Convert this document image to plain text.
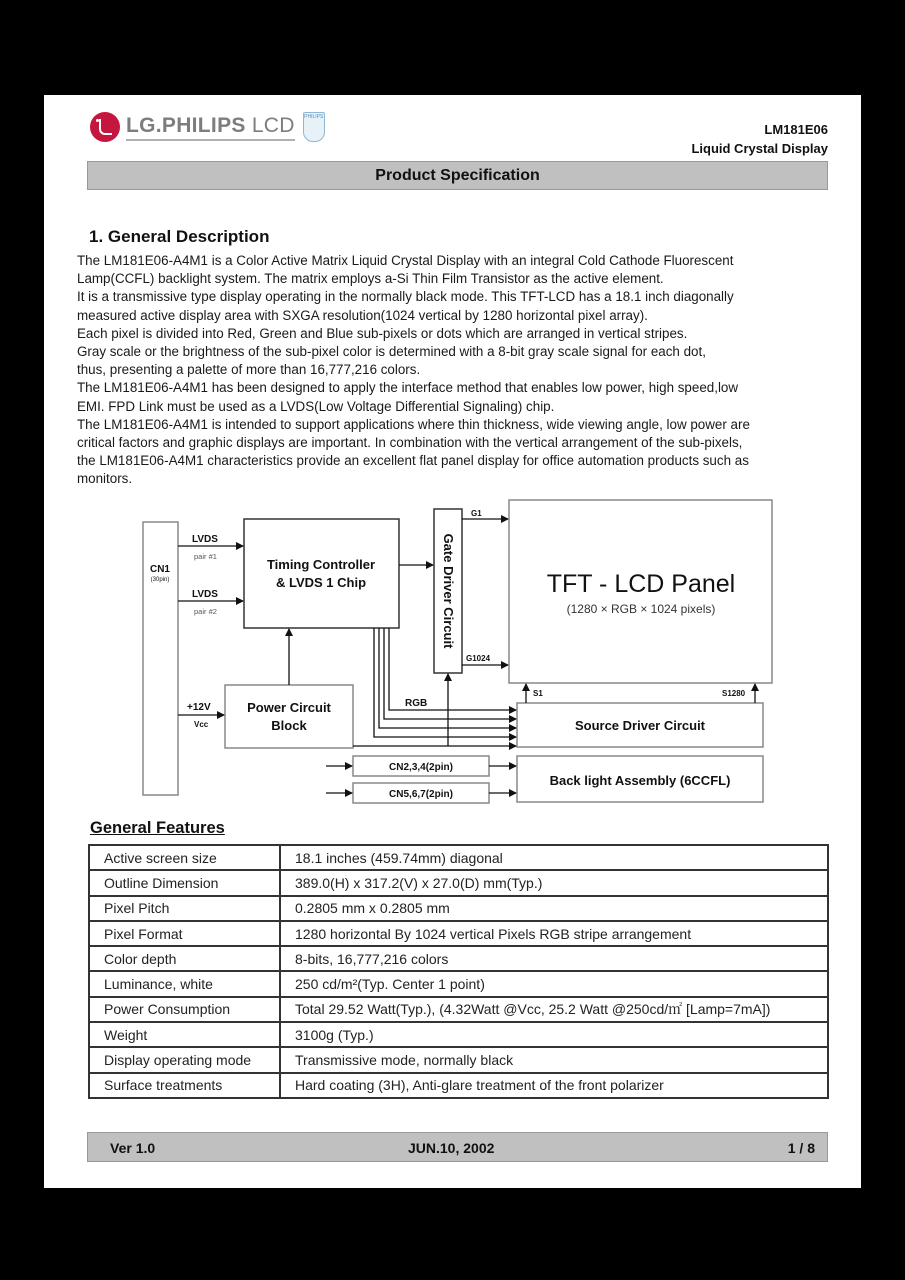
LG.PHILIPS LCD PHILIPS
LM181E06
Liquid Crystal Display
Product Specification
1. General Description

The LM181E06-A4M1 is a Color Active Matrix Liquid Crystal Display with an integral Cold Cathode Fluorescent

Lamp(CCFL) backlight system. The matrix employs a-Si Thin Film Transistor as the active element.

It is a transmissive type display operating in the normally black mode. This TFT-LCD has a 18.1 inch diagonally

measured active display area with SXGA resolution(1024 vertical by 1280 horizontal pixel array).

Each pixel is divided into Red, Green and Blue sub-pixels or dots which are arranged in vertical stripes.

Gray scale or the brightness of the sub-pixel color is determined with a 8-bit gray scale signal for each dot,

thus, presenting a palette of more than 16,777,216 colors.

The LM181E06-A4M1 has been designed to apply the interface method that enables low power, high speed,low

EMI. FPD Link must be used as a LVDS(Low Voltage Differential Signaling) chip.

The LM181E06-A4M1 is intended to support applications where thin thickness, wide viewing angle, low power are

critical factors and graphic displays are important. In combination with the vertical arrangement of the sub-pixels,

the LM181E06-A4M1 characteristics provide an excellent flat panel display for office automation products such as

monitors.

CN1
(30pin)
LVDS
pair #1
LVDS
pair #2
Timing Controller
& LVDS 1 Chip	Gate Driver Circuit
G1
G1024
TFT - LCD Panel
(1280 × RGB × 1024 pixels)
S1	S1280
+12V
Vcc
Power Circuit
Block
RGB
Source Driver Circuit
CN2,3,4(2pin)
CN5,6,7(2pin)
Back light Assembly (6CCFL)
General Features
Active screen size	18.1 inches (459.74mm) diagonal
Outline Dimension	389.0(H) x 317.2(V) x 27.0(D) mm(Typ.)
Pixel Pitch	0.2805 mm x 0.2805 mm
Pixel Format	1280 horizontal By 1024 vertical Pixels RGB stripe arrangement
Color depth	8-bits, 16,777,216 colors
Luminance, white	250 cd/m²(Typ. Center 1 point)
Power Consumption	Total 29.52 Watt(Typ.), (4.32Watt @Vcc, 25.2 Watt @250cd/㎡ [Lamp=7mA])
Weight	3100g (Typ.)
Display operating mode	Transmissive mode, normally black
Surface treatments	Hard coating (3H), Anti-glare treatment of the front polarizer
Ver 1.0	JUN.10, 2002	1 / 8
